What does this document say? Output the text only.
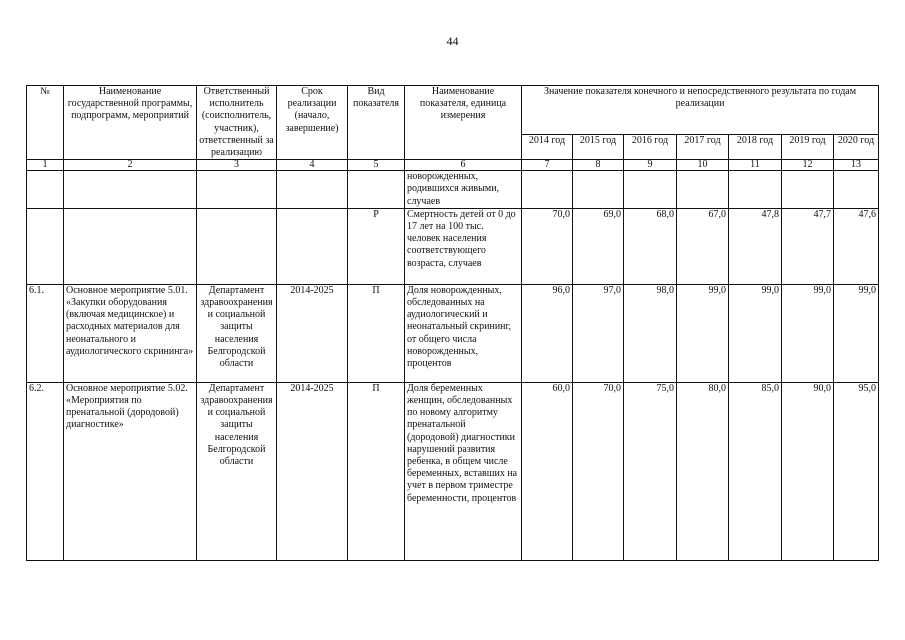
44
№	Наименование государственной программы, подпрограмм, мероприятий	Ответственный исполнитель (соисполнитель, участник), ответственный за реализацию	Срок реализации (начало, завершение)	Вид показателя	Наименование показателя, единица измерения	Значение показателя конечного и непосредственного результата по годам реализации						
						2014 год	2015 год	2016 год	2017 год	2018 год	2019 год	2020 год
1	2	3	4	5	6	7	8	9	10	11	12	13
					новорожденных, родившихся живыми, случаев							
				Р	Смертность детей от 0 до 17 лет на 100 тыс. человек населения соответствующего возраста, случаев	70,0	69,0	68,0	67,0	47,8	47,7	47,6
6.1.	Основное мероприятие 5.01. «Закупки оборудования (включая медицинское) и расходных материалов для неонатального и аудиологического скрининга»	Департамент здравоохранения и социальной защиты населения Белгородской области	2014-2025	П	Доля новорожденных, обследованных на аудиологический и неонатальный скрининг, от общего числа новорожденных, процентов	96,0	97,0	98,0	99,0	99,0	99,0	99,0
6.2.	Основное мероприятие 5.02. «Мероприятия по пренатальной (дородовой) диагностике»	Департамент здравоохранения и социальной защиты населения Белгородской области	2014-2025	П	Доля беременных женщин, обследованных по новому алгоритму пренатальной (дородовой) диагностики нарушений развития ребенка, в общем числе беременных, вставших на учет в первом триместре беременности, процентов	60,0	70,0	75,0	80,0	85,0	90,0	95,0
